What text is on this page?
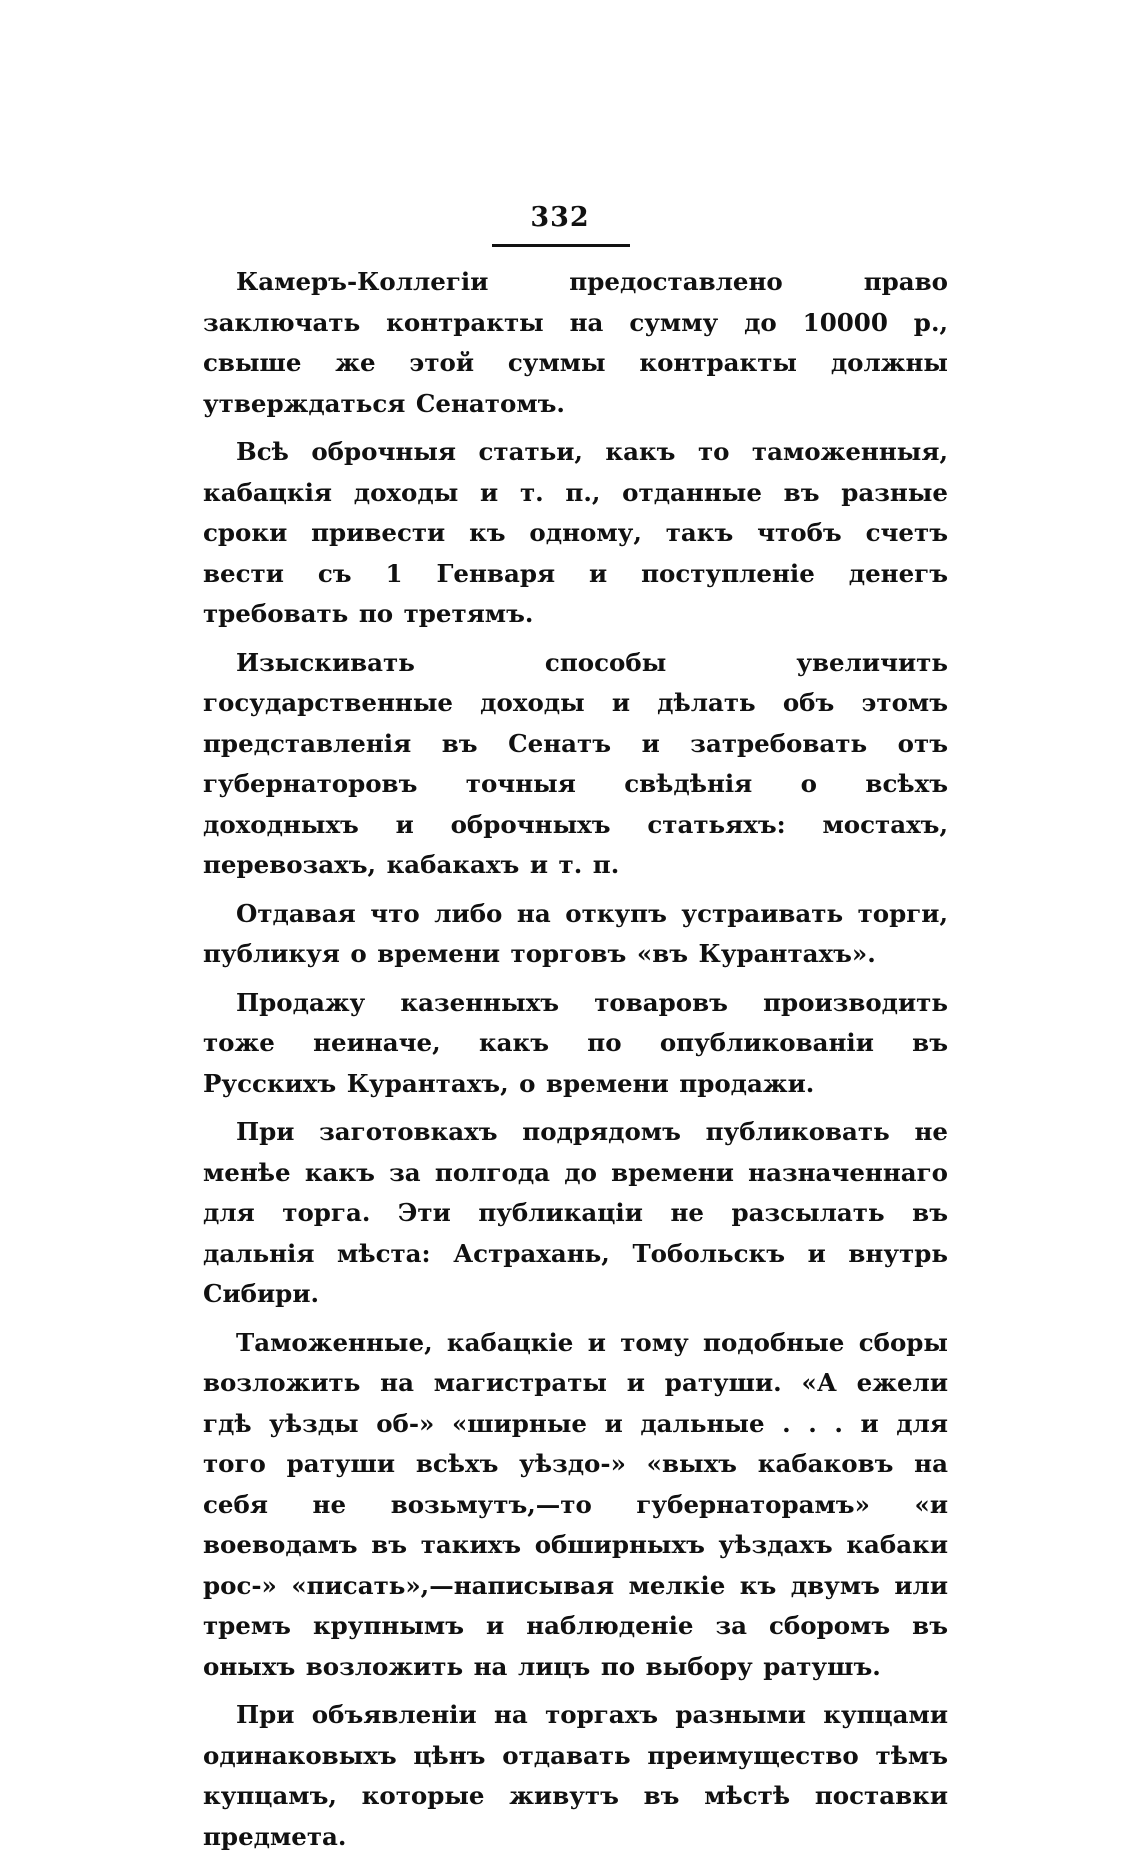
332

Камеръ-Коллегіи предоставлено право заключать контракты на сумму до 10000 р., свыше же этой суммы контракты должны утверждаться Сенатомъ.

Всѣ оброчныя статьи, какъ то таможенныя, кабацкія доходы и т. п., отданные въ разные сроки привести къ одному, такъ чтобъ счетъ вести съ 1 Генваря и поступленіе денегъ требовать по третямъ.

Изыскивать способы увеличить государственные доходы и дѣлать объ этомъ представленія въ Сенатъ и затребовать отъ губернаторовъ точныя свѣдѣнія о всѣхъ доходныхъ и оброчныхъ статьяхъ: мостахъ, перевозахъ, кабакахъ и т. п.

Отдавая что либо на откупъ устраивать торги, публикуя о времени торговъ «въ Курантахъ».

Продажу казенныхъ товаровъ производить тоже неиначе, какъ по опубликованіи въ Русскихъ Курантахъ, о времени продажи.

При заготовкахъ подрядомъ публиковать не менѣе какъ за полгода до времени назначеннаго для торга. Эти публикаціи не разсылать въ дальнія мѣста: Астрахань, Тобольскъ и внутрь Сибири.

Таможенные, кабацкіе и тому подобные сборы возложить на магистраты и ратуши. «А ежели гдѣ уѣзды об-» «ширные и дальные . . . и для того ратуши всѣхъ уѣздо-» «выхъ кабаковъ на себя не возьмутъ,—то губернаторамъ» «и воеводамъ въ такихъ обширныхъ уѣздахъ кабаки рос-» «писать»,—написывая мелкіе къ двумъ или тремъ крупнымъ и наблюденіе за сборомъ въ оныхъ возложить на лицъ по выбору ратушъ.

При объявленіи на торгахъ разными купцами одинаковыхъ цѣнъ отдавать преимущество тѣмъ купцамъ, которые живутъ въ мѣстѣ поставки предмета.
